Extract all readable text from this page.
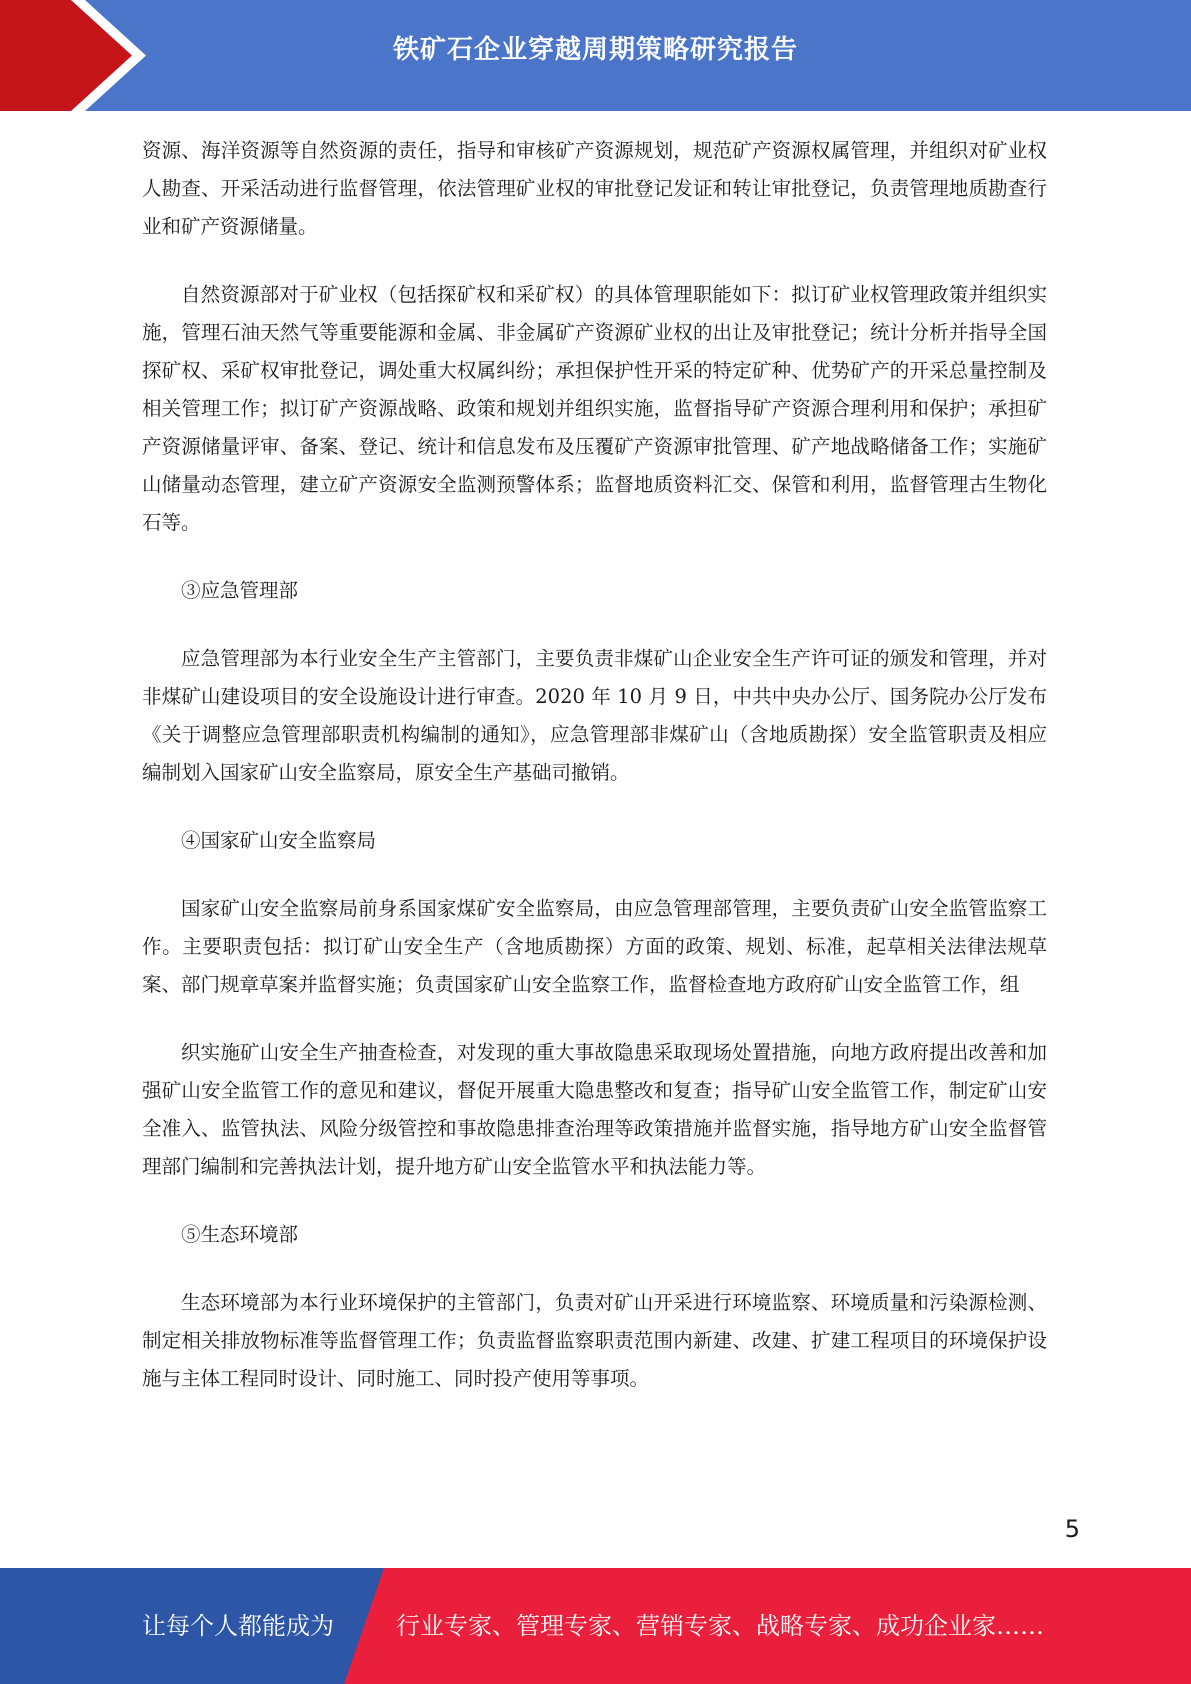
铁矿石企业穿越周期策略研究报告

资源、海洋资源等自然资源的责任，指导和审核矿产资源规划，规范矿产资源权属管理，并组织对矿业权人勘查、开采活动进行监督管理，依法管理矿业权的审批登记发证和转让审批登记，负责管理地质勘查行业和矿产资源储量。

自然资源部对于矿业权（包括探矿权和采矿权）的具体管理职能如下：拟订矿业权管理政策并组织实施，管理石油天然气等重要能源和金属、非金属矿产资源矿业权的出让及审批登记；统计分析并指导全国探矿权、采矿权审批登记，调处重大权属纠纷；承担保护性开采的特定矿种、优势矿产的开采总量控制及相关管理工作；拟订矿产资源战略、政策和规划并组织实施，监督指导矿产资源合理利用和保护；承担矿产资源储量评审、备案、登记、统计和信息发布及压覆矿产资源审批管理、矿产地战略储备工作；实施矿山储量动态管理，建立矿产资源安全监测预警体系；监督地质资料汇交、保管和利用，监督管理古生物化石等。

③应急管理部

应急管理部为本行业安全生产主管部门，主要负责非煤矿山企业安全生产许可证的颁发和管理，并对非煤矿山建设项目的安全设施设计进行审查。2020 年 10 月 9 日，中共中央办公厅、国务院办公厅发布《关于调整应急管理部职责机构编制的通知》，应急管理部非煤矿山（含地质勘探）安全监管职责及相应编制划入国家矿山安全监察局，原安全生产基础司撤销。

④国家矿山安全监察局

国家矿山安全监察局前身系国家煤矿安全监察局，由应急管理部管理，主要负责矿山安全监管监察工作。主要职责包括：拟订矿山安全生产（含地质勘探）方面的政策、规划、标准，起草相关法律法规草案、部门规章草案并监督实施；负责国家矿山安全监察工作，监督检查地方政府矿山安全监管工作，组

织实施矿山安全生产抽查检查，对发现的重大事故隐患采取现场处置措施，向地方政府提出改善和加强矿山安全监管工作的意见和建议，督促开展重大隐患整改和复查；指导矿山安全监管工作，制定矿山安全准入、监管执法、风险分级管控和事故隐患排查治理等政策措施并监督实施，指导地方矿山安全监督管理部门编制和完善执法计划，提升地方矿山安全监管水平和执法能力等。

⑤生态环境部

生态环境部为本行业环境保护的主管部门，负责对矿山开采进行环境监察、环境质量和污染源检测、制定相关排放物标准等监督管理工作；负责监督监察职责范围内新建、改建、扩建工程项目的环境保护设施与主体工程同时设计、同时施工、同时投产使用等事项。

5
让每个人都能成为	行业专家、管理专家、营销专家、战略专家、成功企业家……
